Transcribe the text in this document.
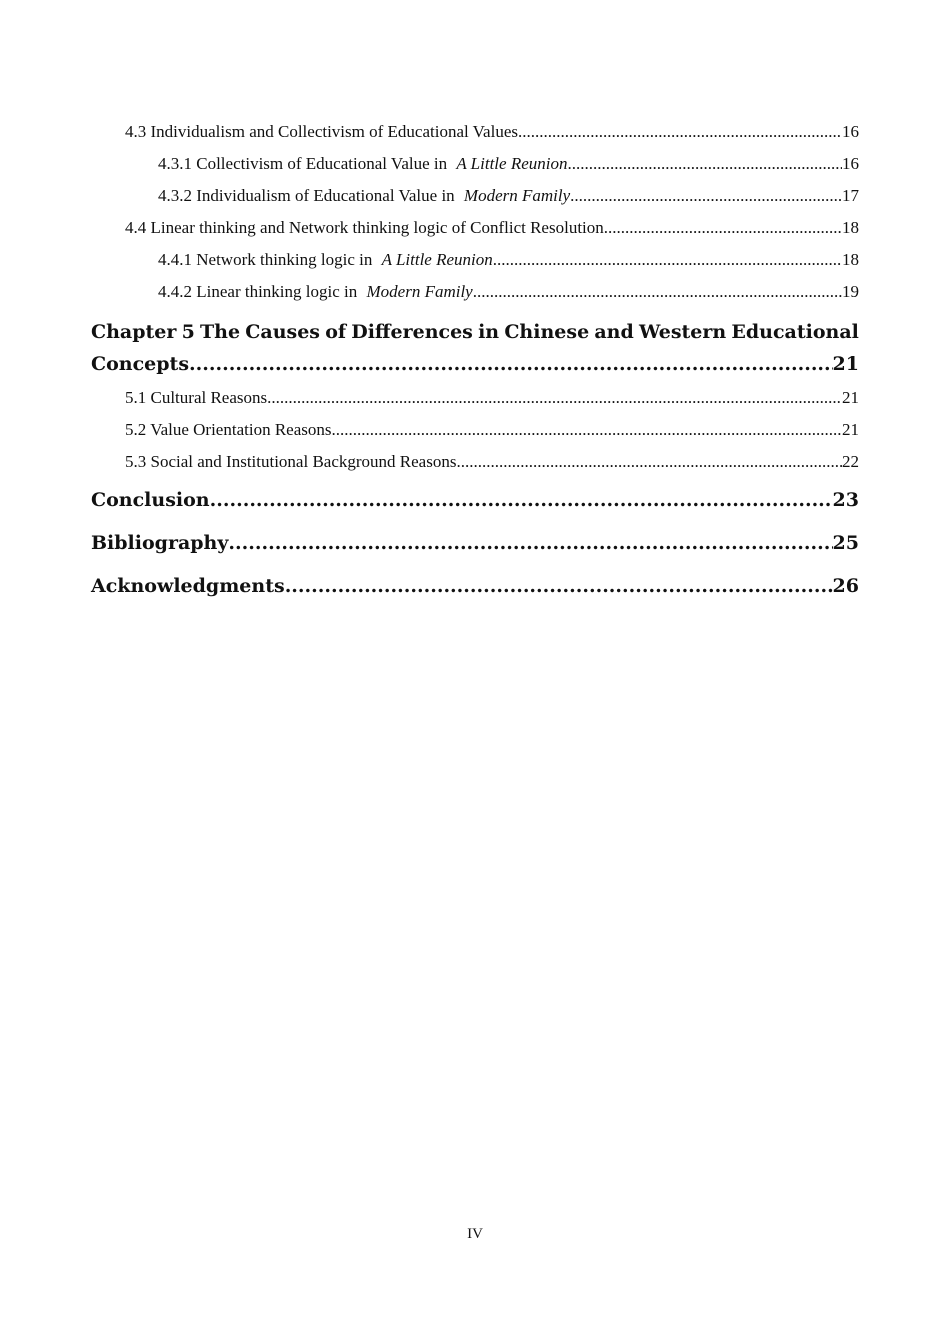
4.3 Individualism and Collectivism of Educational Values .....	16
4.3.1 Collectivism of Educational Value in A Little Reunion .....	16
4.3.2 Individualism of Educational Value in Modern Family .....	17
4.4 Linear thinking and Network thinking logic of Conflict Resolution .....	18
4.4.1 Network thinking logic in A Little Reunion .....	18
4.4.2 Linear thinking logic in Modern Family .....	19
Chapter 5 The Causes of Differences in Chinese and Western Educational
Concepts .....	21
5.1 Cultural Reasons .....	21
5.2 Value Orientation Reasons .....	21
5.3 Social and Institutional Background Reasons .....	22
Conclusion .....	23
Bibliography .....	25
Acknowledgments .....	26
IV
